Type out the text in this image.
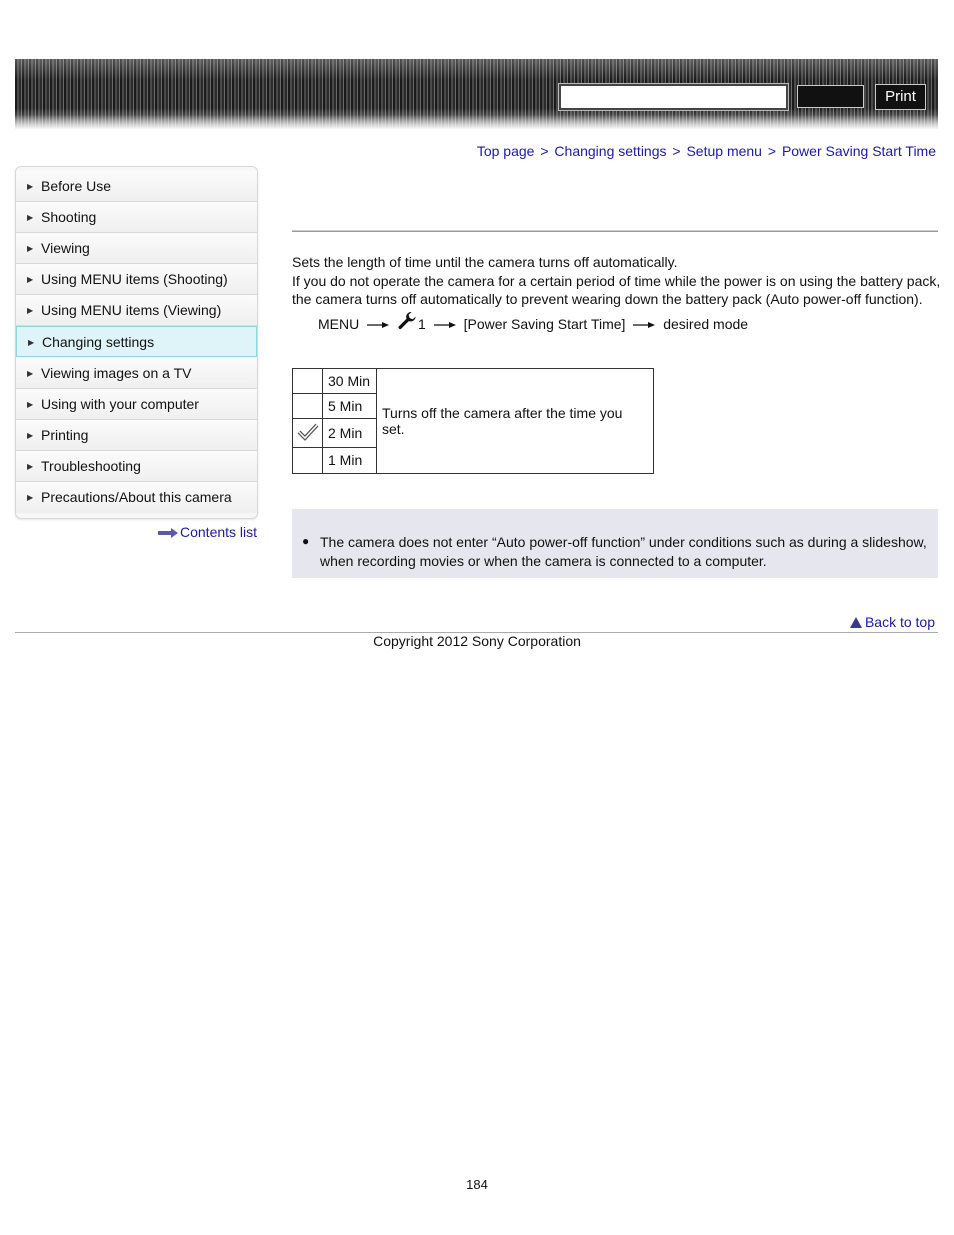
Print
Top page > Changing settings > Setup menu > Power Saving Start Time
▶ Before Use
▶ Shooting
▶ Viewing
▶ Using MENU items (Shooting)
▶ Using MENU items (Viewing)
▶ Changing settings
▶ Viewing images on a TV
▶ Using with your computer
▶ Printing
▶ Troubleshooting
▶ Precautions/About this camera
Contents list
Sets the length of time until the camera turns off automatically.
If you do not operate the camera for a certain period of time while the power is on using the battery pack, the camera turns off automatically to prevent wearing down the battery pack (Auto power-off function).
MENU	1	[Power Saving Start Time]	desired mode
	30 Min	Turns off the camera after the time you set.
	5 Min	
	2 Min	
	1 Min	
● The camera does not enter “Auto power-off function” under conditions such as during a slideshow, when recording movies or when the camera is connected to a computer.
Back to top
Copyright 2012 Sony Corporation
184
